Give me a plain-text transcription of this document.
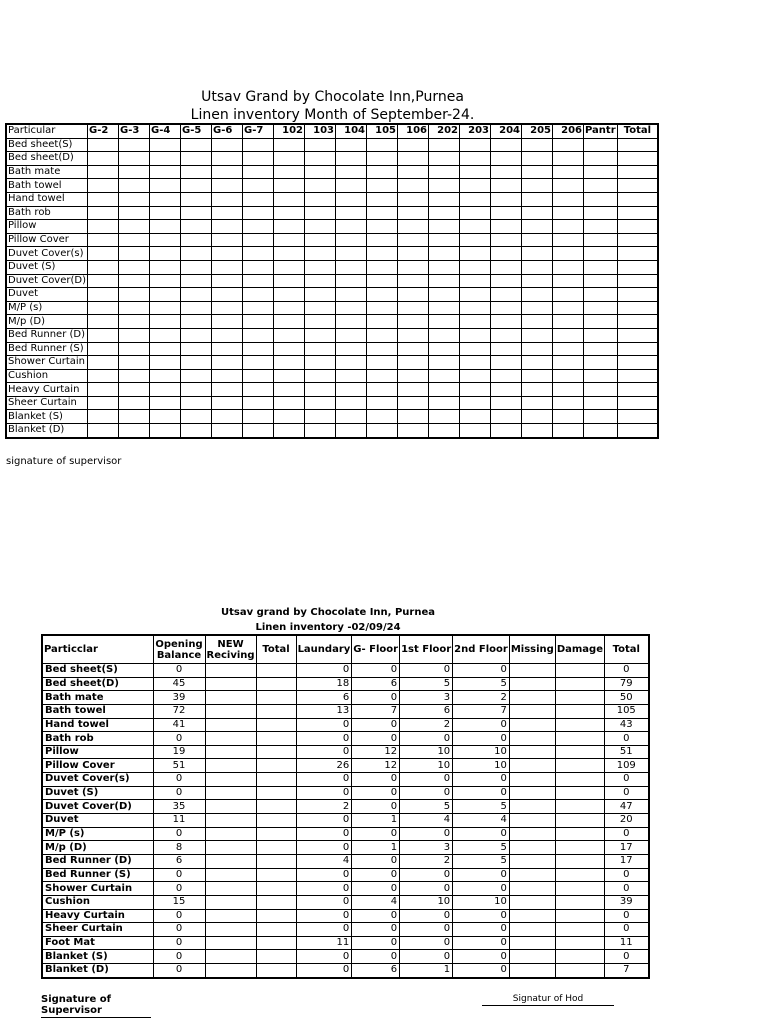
Utsav Grand by Chocolate Inn,Purnea
Linen inventory Month of September-24.
Particular	G-2	G-3	G-4	G-5	G-6	G-7	102	103	104	105	106	202	203	204	205	206	Pantr	Total
Bed sheet(S)																		
Bed sheet(D)																		
Bath mate																		
Bath towel																		
Hand towel																		
Bath rob																		
Pillow																		
Pillow Cover																		
Duvet Cover(s)																		
Duvet (S)																		
Duvet Cover(D)																		
Duvet																		
M/P (s)																		
M/p (D)																		
Bed Runner (D)																		
Bed Runner (S)																		
Shower Curtain																		
Cushion																		
Heavy Curtain																		
Sheer Curtain																		
Blanket (S)																		
Blanket (D)																		
signature of supervisor
Utsav grand by Chocolate Inn, Purnea
Linen inventory -02/09/24
Particclar	Opening Balance	NEW Reciving	Total	Laundary	G- Floor	1st Floor	2nd Floor	Missing	Damage	Total
Bed sheet(S)	0			0	0	0	0			0
Bed sheet(D)	45			18	6	5	5			79
Bath mate	39			6	0	3	2			50
Bath towel	72			13	7	6	7			105
Hand towel	41			0	0	2	0			43
Bath rob	0			0	0	0	0			0
Pillow	19			0	12	10	10			51
Pillow Cover	51			26	12	10	10			109
Duvet Cover(s)	0			0	0	0	0			0
Duvet (S)	0			0	0	0	0			0
Duvet Cover(D)	35			2	0	5	5			47
Duvet	11			0	1	4	4			20
M/P (s)	0			0	0	0	0			0
M/p (D)	8			0	1	3	5			17
Bed Runner (D)	6			4	0	2	5			17
Bed Runner (S)	0			0	0	0	0			0
Shower Curtain	0			0	0	0	0			0
Cushion	15			0	4	10	10			39
Heavy Curtain	0			0	0	0	0			0
Sheer Curtain	0			0	0	0	0			0
Foot Mat	0			11	0	0	0			11
Blanket (S)	0			0	0	0	0			0
Blanket (D)	0			0	6	1	0			7
Signature of Supervisor
Signatur of Hod
